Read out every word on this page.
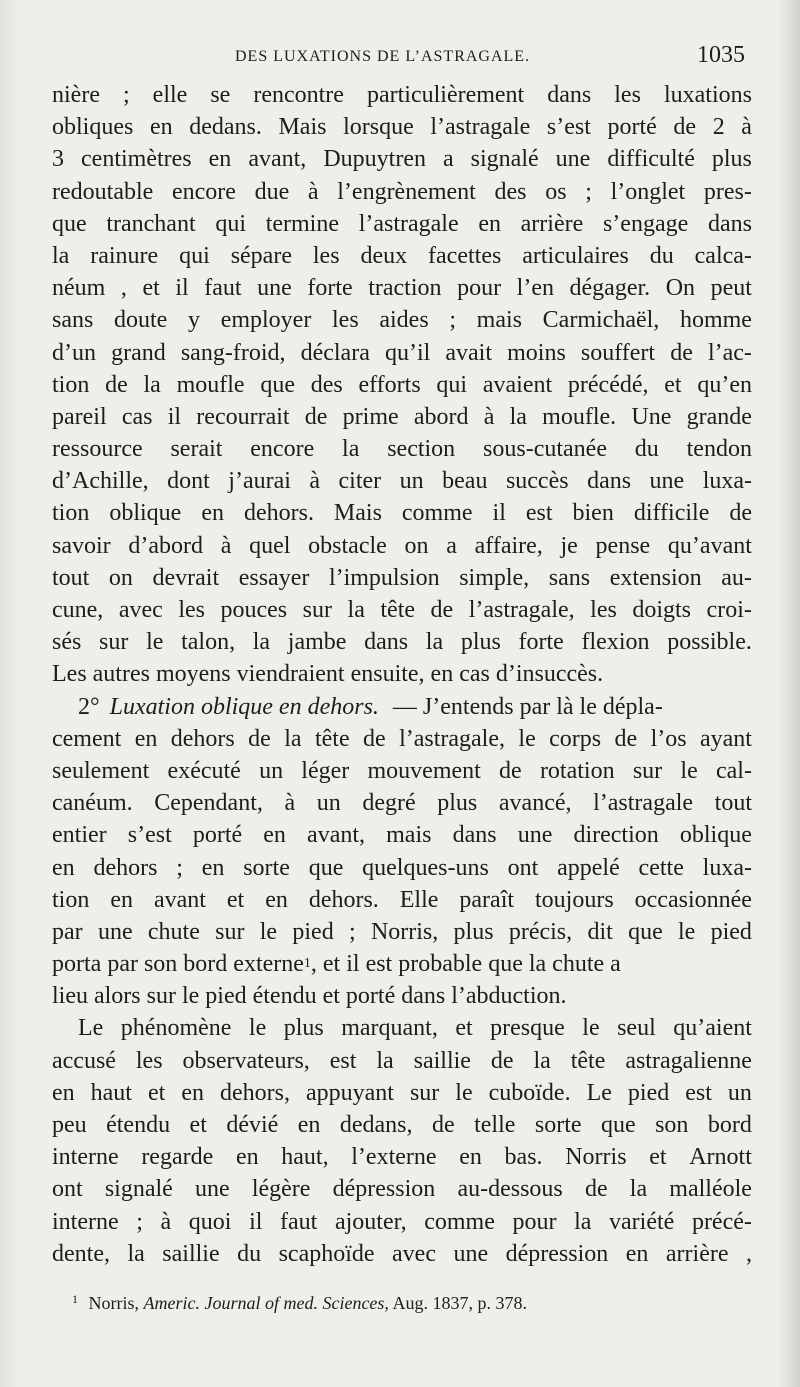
DES LUXATIONS DE L’ASTRAGALE.	1035
nière ; elle se rencontre particulièrement dans les luxations
obliques en dedans. Mais lorsque l’astragale s’est porté de 2 à
3 centimètres en avant, Dupuytren a signalé une difficulté plus
redoutable encore due à l’engrènement des os ; l’onglet pres-
que tranchant qui termine l’astragale en arrière s’engage dans
la rainure qui sépare les deux facettes articulaires du calca-
néum , et il faut une forte traction pour l’en dégager. On peut
sans doute y employer les aides ; mais Carmichaël, homme
d’un grand sang-froid, déclara qu’il avait moins souffert de l’ac-
tion de la moufle que des efforts qui avaient précédé, et qu’en
pareil cas il recourrait de prime abord à la moufle. Une grande
ressource serait encore la section sous-cutanée du tendon
d’Achille, dont j’aurai à citer un beau succès dans une luxa-
tion oblique en dehors. Mais comme il est bien difficile de
savoir d’abord à quel obstacle on a affaire, je pense qu’avant
tout on devrait essayer l’impulsion simple, sans extension au-
cune, avec les pouces sur la tête de l’astragale, les doigts croi-
sés sur le talon, la jambe dans la plus forte flexion possible.
Les autres moyens viendraient ensuite, en cas d’insuccès.
2° Luxation oblique en dehors. — J’entends par là le dépla-
cement en dehors de la tête de l’astragale, le corps de l’os ayant
seulement exécuté un léger mouvement de rotation sur le cal-
canéum. Cependant, à un degré plus avancé, l’astragale tout
entier s’est porté en avant, mais dans une direction oblique
en dehors ; en sorte que quelques-uns ont appelé cette luxa-
tion en avant et en dehors. Elle paraît toujours occasionnée
par une chute sur le pied ; Norris, plus précis, dit que le pied
porta par son bord externe 1 , et il est probable que la chute a
lieu alors sur le pied étendu et porté dans l’abduction.
Le phénomène le plus marquant, et presque le seul qu’aient
accusé les observateurs, est la saillie de la tête astragalienne
en haut et en dehors, appuyant sur le cuboïde. Le pied est un
peu étendu et dévié en dedans, de telle sorte que son bord
interne regarde en haut, l’externe en bas. Norris et Arnott
ont signalé une légère dépression au-dessous de la malléole
interne ; à quoi il faut ajouter, comme pour la variété précé-
dente, la saillie du scaphoïde avec une dépression en arrière ,
$^1$ Norris, Americ. Journal of med. Sciences, Aug. 1837, p. 378.
